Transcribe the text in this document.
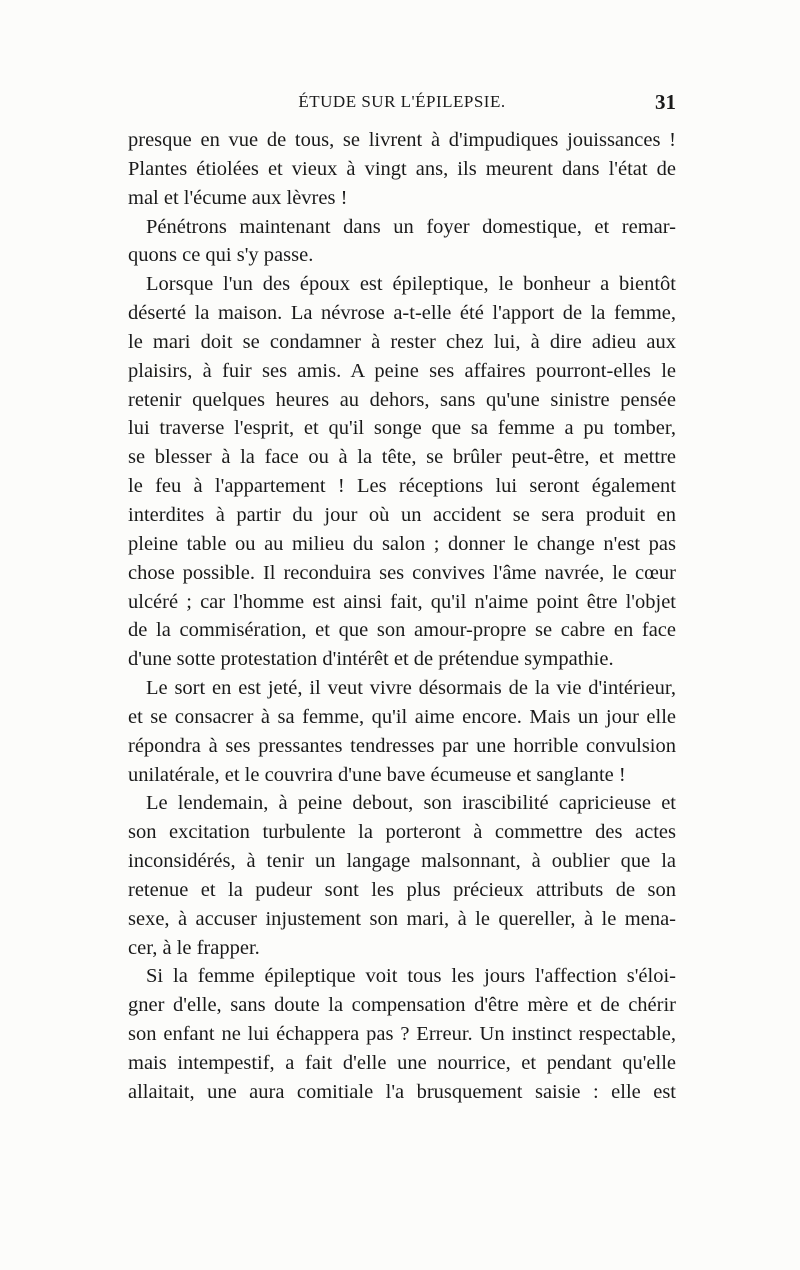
ÉTUDE SUR L'ÉPILEPSIE.	31
presque en vue de tous, se livrent à d'impudiques jouissances !
Plantes étiolées et vieux à vingt ans, ils meurent dans l'état de
mal et l'écume aux lèvres !
Pénétrons maintenant dans un foyer domestique, et remar-
quons ce qui s'y passe.
Lorsque l'un des époux est épileptique, le bonheur a bientôt
déserté la maison. La névrose a-t-elle été l'apport de la femme,
le mari doit se condamner à rester chez lui, à dire adieu aux
plaisirs, à fuir ses amis. A peine ses affaires pourront-elles le
retenir quelques heures au dehors, sans qu'une sinistre pensée
lui traverse l'esprit, et qu'il songe que sa femme a pu tomber,
se blesser à la face ou à la tête, se brûler peut-être, et mettre
le feu à l'appartement ! Les réceptions lui seront également
interdites à partir du jour où un accident se sera produit en
pleine table ou au milieu du salon ; donner le change n'est pas
chose possible. Il reconduira ses convives l'âme navrée, le cœur
ulcéré ; car l'homme est ainsi fait, qu'il n'aime point être l'objet
de la commisération, et que son amour-propre se cabre en face
d'une sotte protestation d'intérêt et de prétendue sympathie.
Le sort en est jeté, il veut vivre désormais de la vie d'intérieur,
et se consacrer à sa femme, qu'il aime encore. Mais un jour elle
répondra à ses pressantes tendresses par une horrible convulsion
unilatérale, et le couvrira d'une bave écumeuse et sanglante !
Le lendemain, à peine debout, son irascibilité capricieuse et
son excitation turbulente la porteront à commettre des actes
inconsidérés, à tenir un langage malsonnant, à oublier que la
retenue et la pudeur sont les plus précieux attributs de son
sexe, à accuser injustement son mari, à le quereller, à le mena-
cer, à le frapper.
Si la femme épileptique voit tous les jours l'affection s'éloi-
gner d'elle, sans doute la compensation d'être mère et de chérir
son enfant ne lui échappera pas ? Erreur. Un instinct respectable,
mais intempestif, a fait d'elle une nourrice, et pendant qu'elle
allaitait, une aura comitiale l'a brusquement saisie : elle est
